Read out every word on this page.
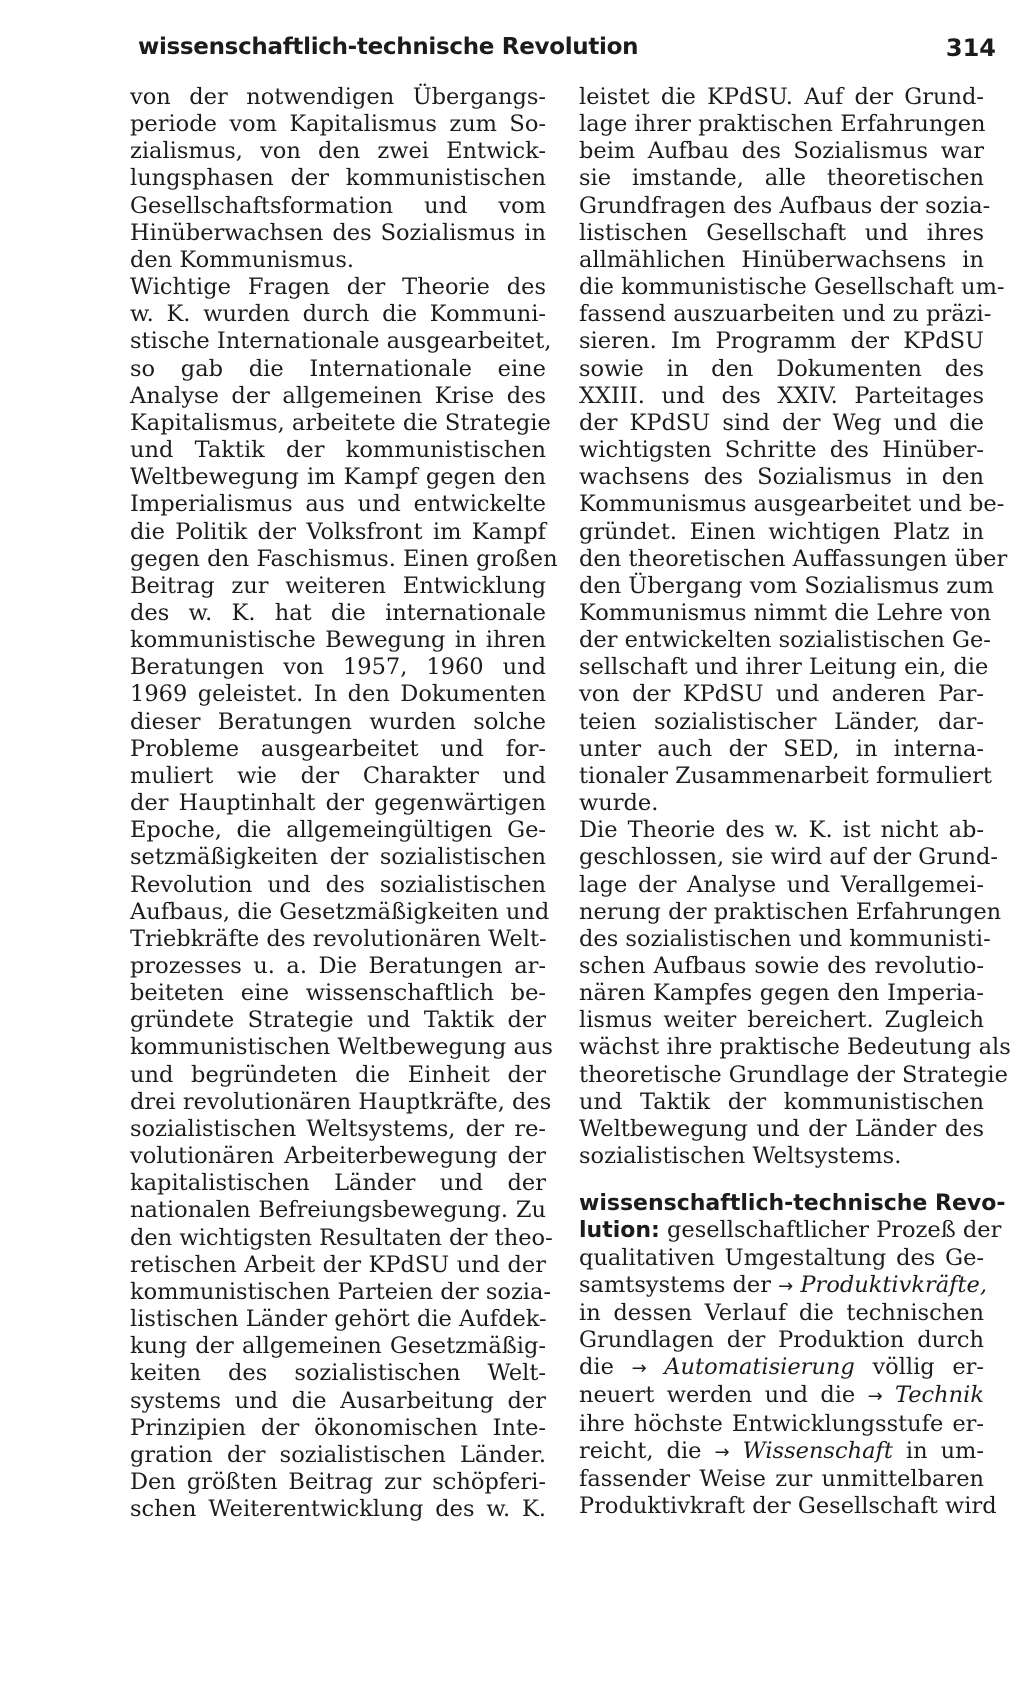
wissenschaftlich-technische Revolution	314

von der notwendigen Übergangs-
periode vom Kapitalismus zum So-
zialismus, von den zwei Entwick-
lungsphasen der kommunistischen
Gesellschaftsformation und vom
Hinüberwachsen des Sozialismus in
den Kommunismus.
Wichtige Fragen der Theorie des
w. K. wurden durch die Kommuni-
stische Internationale ausgearbeitet,
so gab die Internationale eine
Analyse der allgemeinen Krise des
Kapitalismus, arbeitete die Strategie
und Taktik der kommunistischen
Weltbewegung im Kampf gegen den
Imperialismus aus und entwickelte
die Politik der Volksfront im Kampf
gegen den Faschismus. Einen großen
Beitrag zur weiteren Entwicklung
des w. K. hat die internationale
kommunistische Bewegung in ihren
Beratungen von 1957, 1960 und
1969 geleistet. In den Dokumenten
dieser Beratungen wurden solche
Probleme ausgearbeitet und for-
muliert wie der Charakter und
der Hauptinhalt der gegenwärtigen
Epoche, die allgemeingültigen Ge-
setzmäßigkeiten der sozialistischen
Revolution und des sozialistischen
Aufbaus, die Gesetzmäßigkeiten und
Triebkräfte des revolutionären Welt-
prozesses u. a. Die Beratungen ar-
beiteten eine wissenschaftlich be-
gründete Strategie und Taktik der
kommunistischen Weltbewegung aus
und begründeten die Einheit der
drei revolutionären Hauptkräfte, des
sozialistischen Weltsystems, der re-
volutionären Arbeiterbewegung der
kapitalistischen Länder und der
nationalen Befreiungsbewegung. Zu
den wichtigsten Resultaten der theo-
retischen Arbeit der KPdSU und der
kommunistischen Parteien der sozia-
listischen Länder gehört die Aufdek-
kung der allgemeinen Gesetzmäßig-
keiten des sozialistischen Welt-
systems und die Ausarbeitung der
Prinzipien der ökonomischen Inte-
gration der sozialistischen Länder.
Den größten Beitrag zur schöpferi-
schen Weiterentwicklung des w. K.

leistet die KPdSU. Auf der Grund-
lage ihrer praktischen Erfahrungen
beim Aufbau des Sozialismus war
sie imstande, alle theoretischen
Grundfragen des Aufbaus der sozia-
listischen Gesellschaft und ihres
allmählichen Hinüberwachsens in
die kommunistische Gesellschaft um-
fassend auszuarbeiten und zu präzi-
sieren. Im Programm der KPdSU
sowie in den Dokumenten des
XXIII. und des XXIV. Parteitages
der KPdSU sind der Weg und die
wichtigsten Schritte des Hinüber-
wachsens des Sozialismus in den
Kommunismus ausgearbeitet und be-
gründet. Einen wichtigen Platz in
den theoretischen Auffassungen über
den Übergang vom Sozialismus zum
Kommunismus nimmt die Lehre von
der entwickelten sozialistischen Ge-
sellschaft und ihrer Leitung ein, die
von der KPdSU und anderen Par-
teien sozialistischer Länder, dar-
unter auch der SED, in interna-
tionaler Zusammenarbeit formuliert
wurde.

Die Theorie des w. K. ist nicht ab-
geschlossen, sie wird auf der Grund-
lage der Analyse und Verallgemei-
nerung der praktischen Erfahrungen
des sozialistischen und kommunisti-
schen Aufbaus sowie des revolutio-
nären Kampfes gegen den Imperia-
lismus weiter bereichert. Zugleich
wächst ihre praktische Bedeutung als
theoretische Grundlage der Strategie
und Taktik der kommunistischen
Weltbewegung und der Länder des
sozialistischen Weltsystems.

wissenschaftlich-technische Revo-
lution: gesellschaftlicher Prozeß der
qualitativen Umgestaltung des Ge-
samtsystems der → Produktivkräfte,
in dessen Verlauf die technischen
Grundlagen der Produktion durch
die → Automatisierung völlig er-
neuert werden und die → Technik
ihre höchste Entwicklungsstufe er-
reicht, die → Wissenschaft in um-
fassender Weise zur unmittelbaren
Produktivkraft der Gesellschaft wird
